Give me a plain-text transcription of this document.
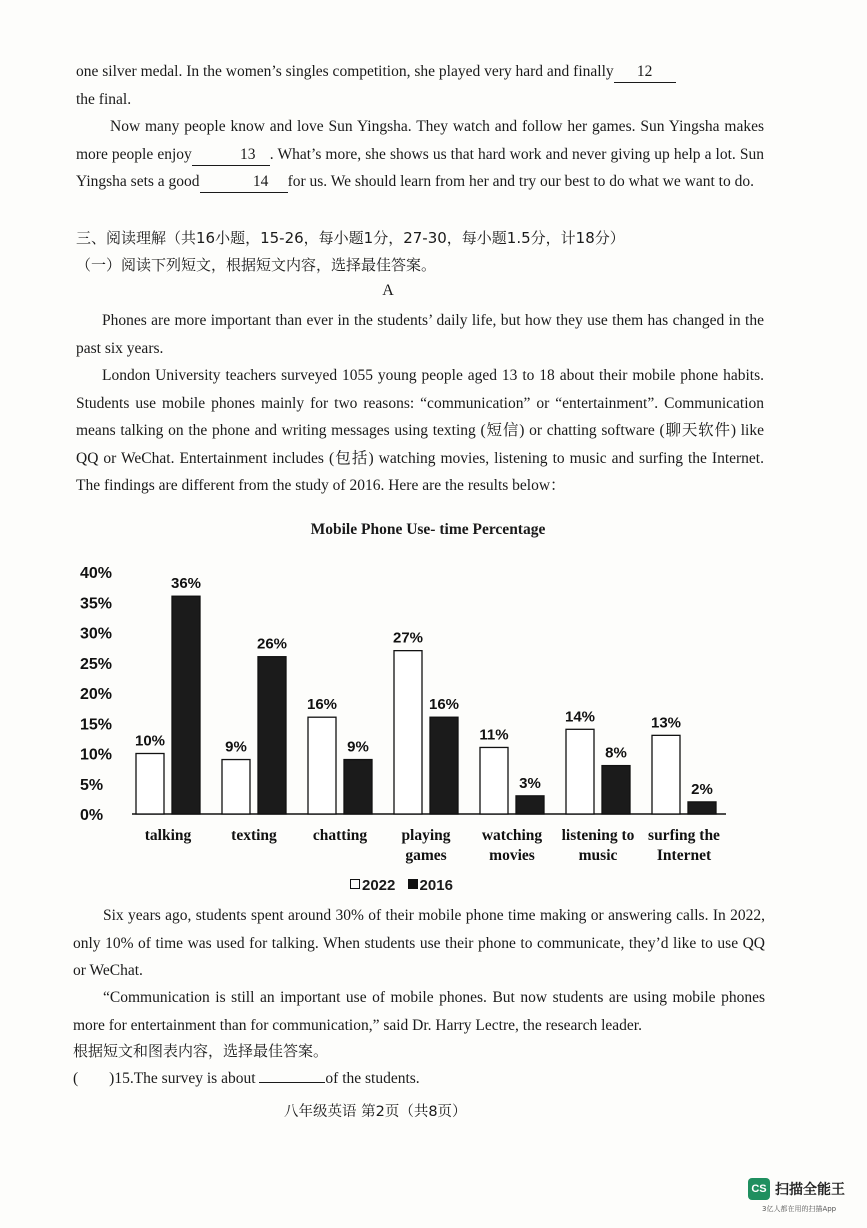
one silver medal. In the women’s singles competition, she played very hard and finally 12
the final.

Now many people know and love Sun Yingsha. They watch and follow her games. Sun Yingsha makes more people enjoy	13 . What’s more, she shows us that hard work and never giving up help a lot. Sun Yingsha sets a good	14 for us. We should learn from her and try our best to do what we want to do.

三、阅读理解（共16小题，15-26，每小题1分，27-30，每小题1.5分，计18分）
（一）阅读下列短文，根据短文内容，选择最佳答案。
A

Phones are more important than ever in the students’ daily life, but how they use them has changed in the past six years.

London University teachers surveyed 1055 young people aged 13 to 18 about their mobile phone habits. Students use mobile phones mainly for two reasons: “communication” or “entertainment”. Communication means talking on the phone and writing messages using texting (短信) or chatting software (聊天软件) like QQ or WeChat. Entertainment includes (包括) watching movies, listening to music and surfing the Internet. The findings are different from the study of 2016. Here are the results below：

Mobile Phone Use- time Percentage
0%
5%
10%
15%
20%
25%
30%
35%
40%
10%
36%
talking
9%
26%
texting
16%
9%
chatting
27%
16%
playing
games
11%
3%
watching
movies
14%
8%
listening to
music
13%
2%
surfing the
Internet
2022 2016

Six years ago, students spent around 30% of their mobile phone time making or answering calls. In 2022, only 10% of time was used for talking. When students use their phone to communicate, they’d like to use QQ or WeChat.

“Communication is still an important use of mobile phones. But now students are using mobile phones more for entertainment than for communication,” said Dr. Harry Lectre, the research leader.

根据短文和图表内容，选择最佳答案。
(　　)15.The survey is about	of the students.
八年级英语 第2页（共8页）
CS 扫描全能王
3亿人都在用的扫描App
